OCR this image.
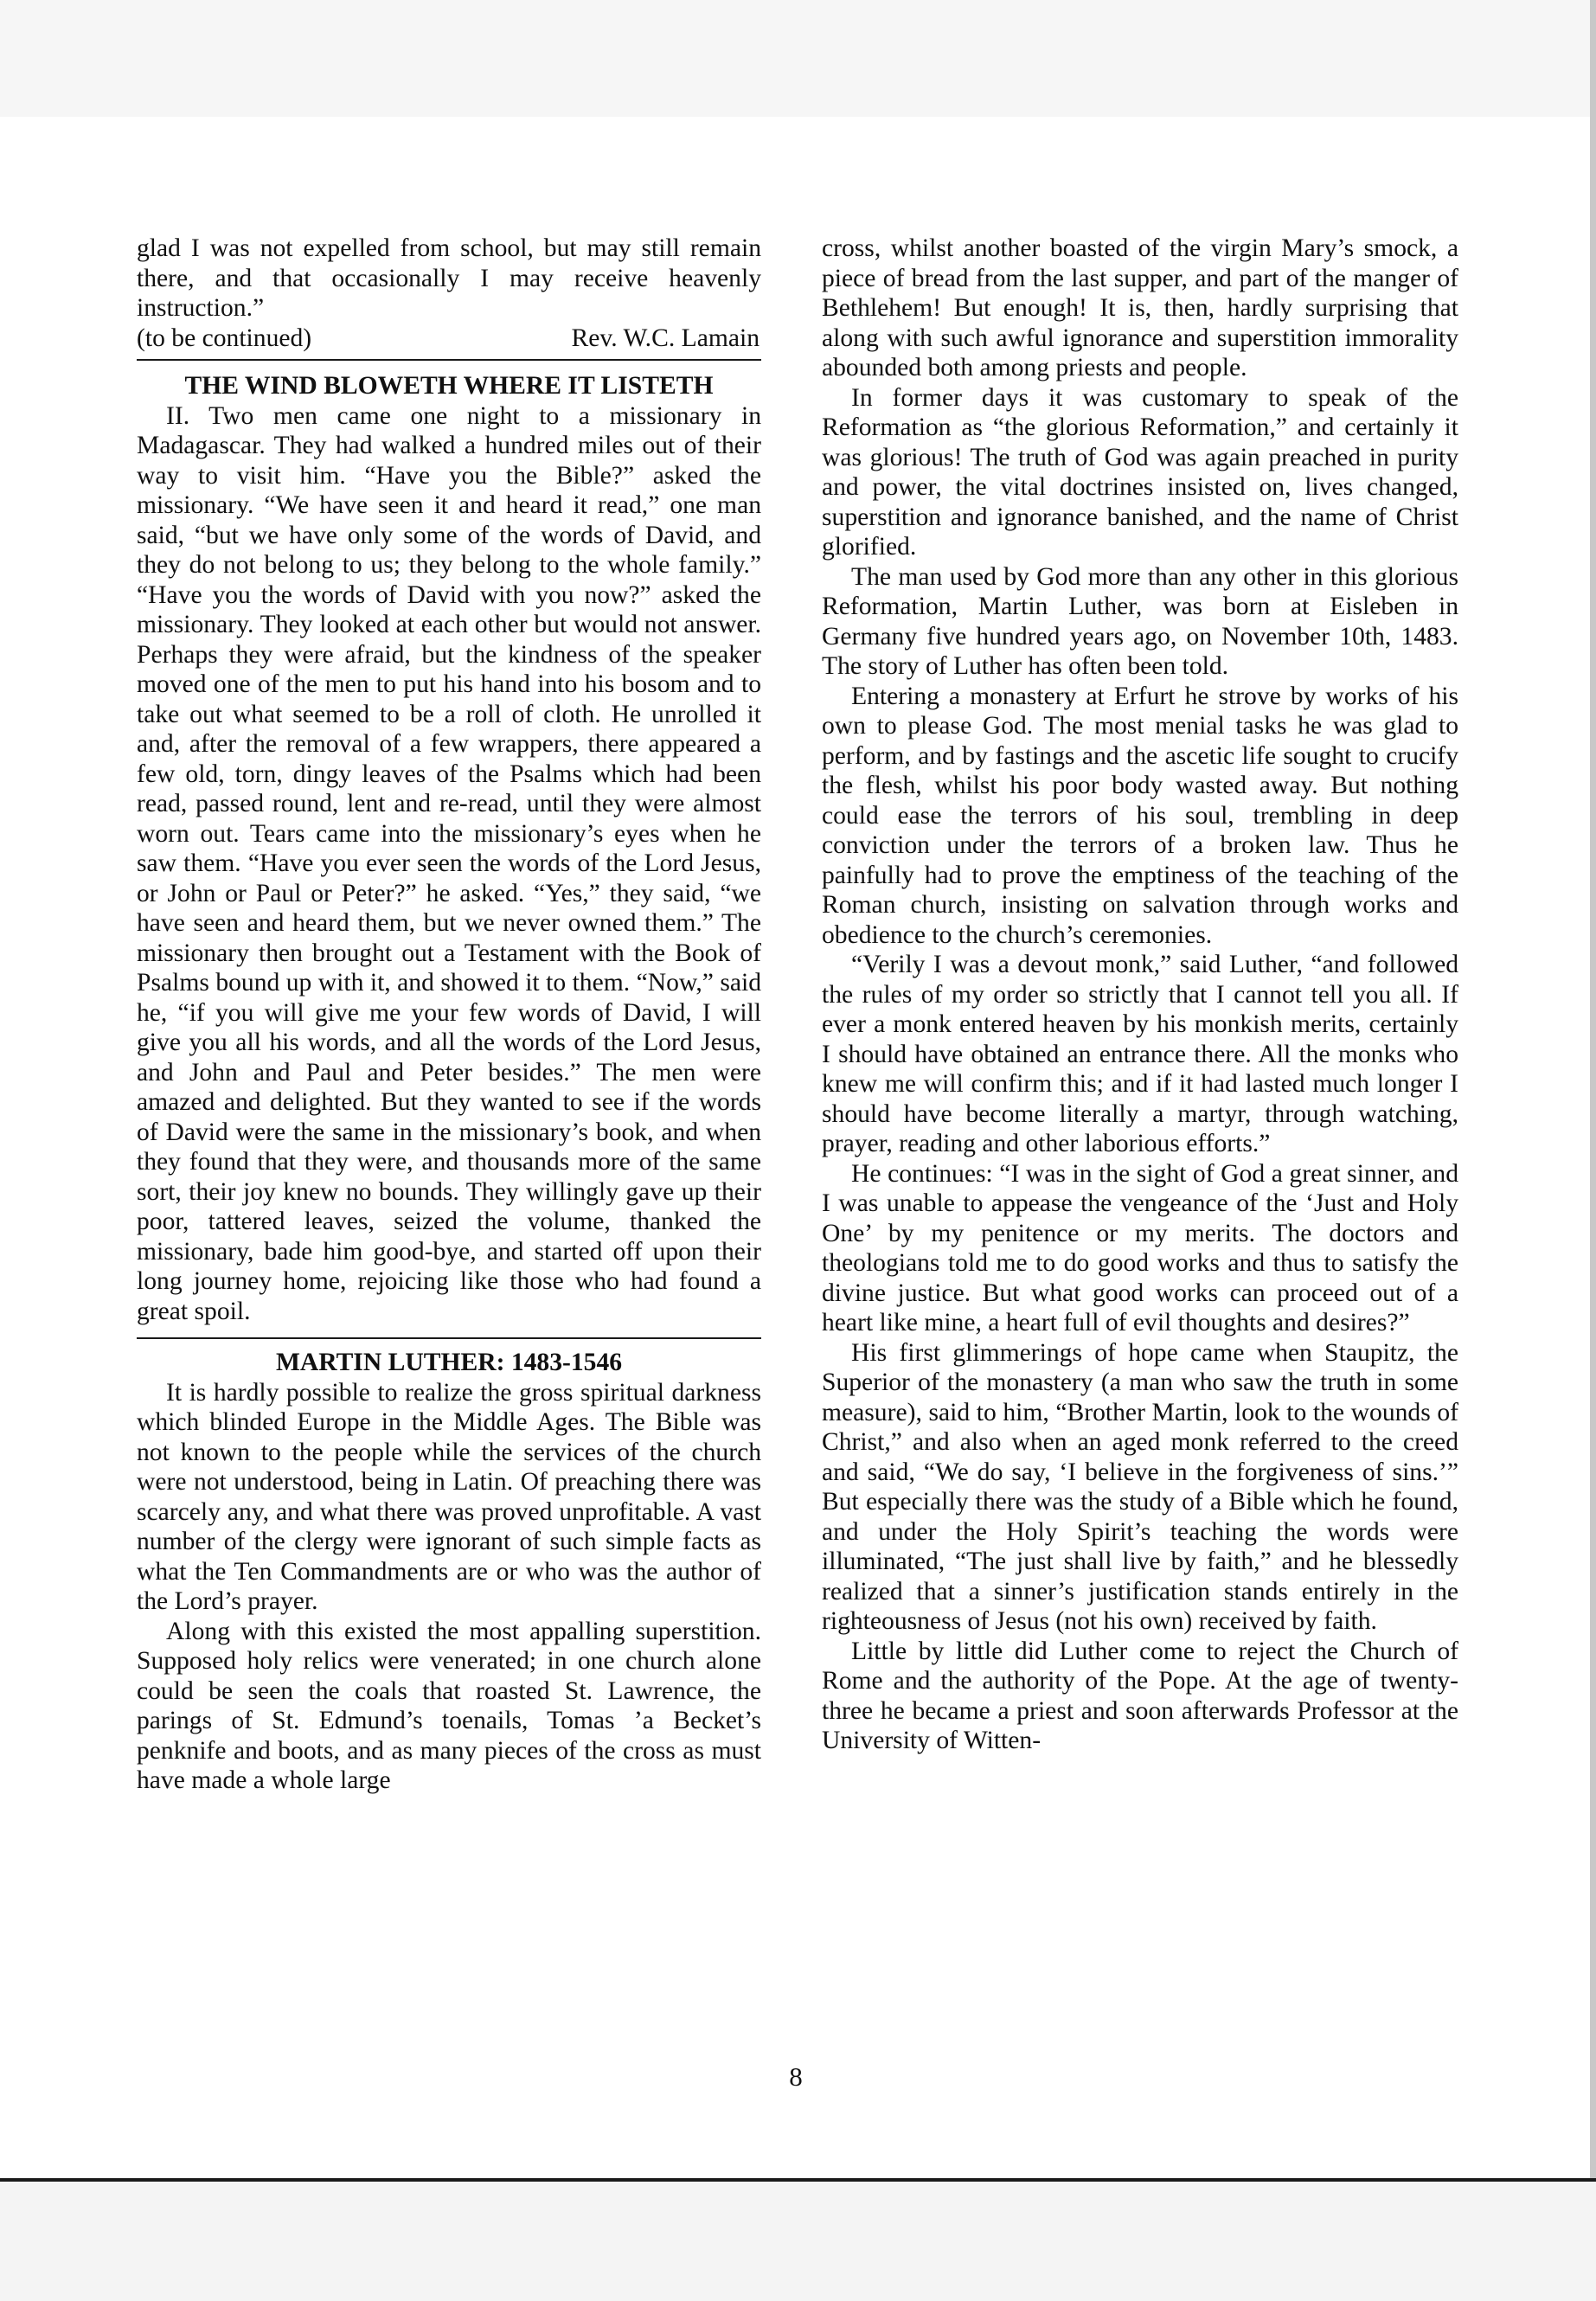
glad I was not expelled from school, but may still remain there, and that occasionally I may receive heavenly instruction.”

(to be continued)	Rev. W.C. Lamain
THE WIND BLOWETH WHERE IT LISTETH

II. Two men came one night to a missionary in Madagascar. They had walked a hundred miles out of their way to visit him. “Have you the Bible?” asked the missionary. “We have seen it and heard it read,” one man said, “but we have only some of the words of David, and they do not belong to us; they belong to the whole family.” “Have you the words of David with you now?” asked the missionary. They looked at each other but would not answer. Perhaps they were afraid, but the kindness of the speaker moved one of the men to put his hand into his bosom and to take out what seemed to be a roll of cloth. He unrolled it and, after the removal of a few wrappers, there appeared a few old, torn, dingy leaves of the Psalms which had been read, passed round, lent and re-read, until they were almost worn out. Tears came into the missionary’s eyes when he saw them. “Have you ever seen the words of the Lord Jesus, or John or Paul or Peter?” he asked. “Yes,” they said, “we have seen and heard them, but we never owned them.” The missionary then brought out a Testament with the Book of Psalms bound up with it, and showed it to them. “Now,” said he, “if you will give me your few words of David, I will give you all his words, and all the words of the Lord Jesus, and John and Paul and Peter besides.” The men were amazed and delighted. But they wanted to see if the words of David were the same in the missionary’s book, and when they found that they were, and thousands more of the same sort, their joy knew no bounds. They willingly gave up their poor, tattered leaves, seized the volume, thanked the missionary, bade him good-bye, and started off upon their long journey home, rejoicing like those who had found a great spoil.

MARTIN LUTHER: 1483-1546

It is hardly possible to realize the gross spiritual darkness which blinded Europe in the Middle Ages. The Bible was not known to the people while the services of the church were not understood, being in Latin. Of preaching there was scarcely any, and what there was proved unprofitable. A vast number of the clergy were ignorant of such simple facts as what the Ten Commandments are or who was the author of the Lord’s prayer.

Along with this existed the most appalling superstition. Supposed holy relics were venerated; in one church alone could be seen the coals that roasted St. Lawrence, the parings of St. Edmund’s toenails, Tomas ’a Becket’s penknife and boots, and as many pieces of the cross as must have made a whole large

cross, whilst another boasted of the virgin Mary’s smock, a piece of bread from the last supper, and part of the manger of Bethlehem! But enough! It is, then, hardly surprising that along with such awful ignorance and superstition immorality abounded both among priests and people.

In former days it was customary to speak of the Reformation as “the glorious Reformation,” and certainly it was glorious! The truth of God was again preached in purity and power, the vital doctrines insisted on, lives changed, superstition and ignorance banished, and the name of Christ glorified.

The man used by God more than any other in this glorious Reformation, Martin Luther, was born at Eisleben in Germany five hundred years ago, on November 10th, 1483. The story of Luther has often been told.

Entering a monastery at Erfurt he strove by works of his own to please God. The most menial tasks he was glad to perform, and by fastings and the ascetic life sought to crucify the flesh, whilst his poor body wasted away. But nothing could ease the terrors of his soul, trembling in deep conviction under the terrors of a broken law. Thus he painfully had to prove the emptiness of the teaching of the Roman church, insisting on salvation through works and obedience to the church’s ceremonies.

“Verily I was a devout monk,” said Luther, “and followed the rules of my order so strictly that I cannot tell you all. If ever a monk entered heaven by his monkish merits, certainly I should have obtained an entrance there. All the monks who knew me will confirm this; and if it had lasted much longer I should have become literally a martyr, through watching, prayer, reading and other laborious efforts.”

He continues: “I was in the sight of God a great sinner, and I was unable to appease the vengeance of the ‘Just and Holy One’ by my penitence or my merits. The doctors and theologians told me to do good works and thus to satisfy the divine justice. But what good works can proceed out of a heart like mine, a heart full of evil thoughts and desires?”

His first glimmerings of hope came when Staupitz, the Superior of the monastery (a man who saw the truth in some measure), said to him, “Brother Martin, look to the wounds of Christ,” and also when an aged monk referred to the creed and said, “We do say, ‘I believe in the forgiveness of sins.’” But especially there was the study of a Bible which he found, and under the Holy Spirit’s teaching the words were illuminated, “The just shall live by faith,” and he blessedly realized that a sinner’s justification stands entirely in the righteousness of Jesus (not his own) received by faith.

Little by little did Luther come to reject the Church of Rome and the authority of the Pope. At the age of twenty-three he became a priest and soon afterwards Professor at the University of Witten-

8
